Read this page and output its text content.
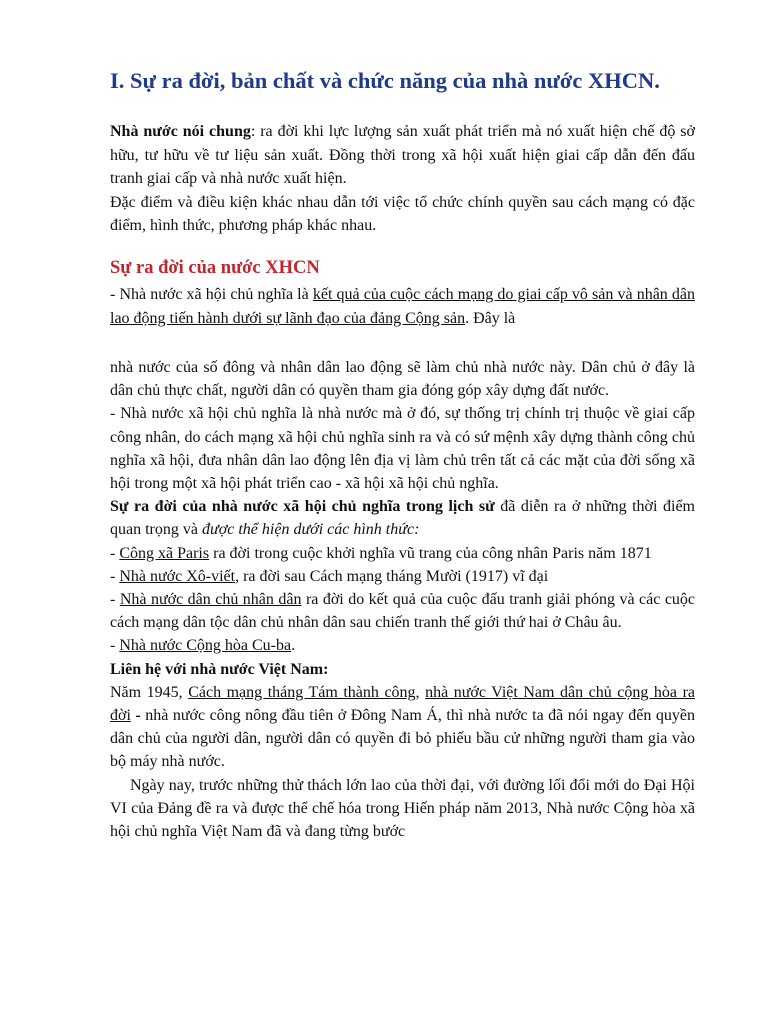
I. Sự ra đời, bản chất và chức năng của nhà nước XHCN.

Nhà nước nói chung: ra đời khi lực lượng sản xuất phát triển mà nó xuất hiện chế độ sở hữu, tư hữu về tư liệu sản xuất. Đồng thời trong xã hội xuất hiện giai cấp dẫn đến đấu tranh giai cấp và nhà nước xuất hiện.

Đặc điểm và điều kiện khác nhau dẫn tới việc tổ chức chính quyền sau cách mạng có đặc điểm, hình thức, phương pháp khác nhau.

Sự ra đời của nước XHCN

- Nhà nước xã hội chủ nghĩa là kết quả của cuộc cách mạng do giai cấp vô sản và nhân dân lao động tiến hành dưới sự lãnh đạo của đảng Cộng sản. Đây là

nhà nước của số đông và nhân dân lao động sẽ làm chủ nhà nước này. Dân chủ ở đây là dân chủ thực chất, người dân có quyền tham gia đóng góp xây dựng đất nước.

- Nhà nước xã hội chủ nghĩa là nhà nước mà ở đó, sự thống trị chính trị thuộc về giai cấp công nhân, do cách mạng xã hội chủ nghĩa sinh ra và có sứ mệnh xây dựng thành công chủ nghĩa xã hội, đưa nhân dân lao động lên địa vị làm chủ trên tất cả các mặt của đời sống xã hội trong một xã hội phát triển cao - xã hội xã hội chủ nghĩa.

Sự ra đời của nhà nước xã hội chủ nghĩa trong lịch sử đã diễn ra ở những thời điểm quan trọng và được thể hiện dưới các hình thức:

- Công xã Paris ra đời trong cuộc khởi nghĩa vũ trang của công nhân Paris năm 1871

- Nhà nước Xô-viết, ra đời sau Cách mạng tháng Mười (1917) vĩ đại

- Nhà nước dân chủ nhân dân ra đời do kết quả của cuộc đấu tranh giải phóng và các cuộc cách mạng dân tộc dân chủ nhân dân sau chiến tranh thế giới thứ hai ở Châu âu.

- Nhà nước Cộng hòa Cu-ba.

Liên hệ với nhà nước Việt Nam:

Năm 1945, Cách mạng tháng Tám thành công, nhà nước Việt Nam dân chủ cộng hòa ra đời - nhà nước công nông đầu tiên ở Đông Nam Á, thì nhà nước ta đã nói ngay đến quyền dân chủ của người dân, người dân có quyền đi bỏ phiếu bầu cử những người tham gia vào bộ máy nhà nước.

Ngày nay, trước những thử thách lớn lao của thời đại, với đường lối đổi mới do Đại Hội VI của Đảng đề ra và được thể chế hóa trong Hiến pháp năm 2013, Nhà nước Cộng hòa xã hội chủ nghĩa Việt Nam đã và đang từng bước
